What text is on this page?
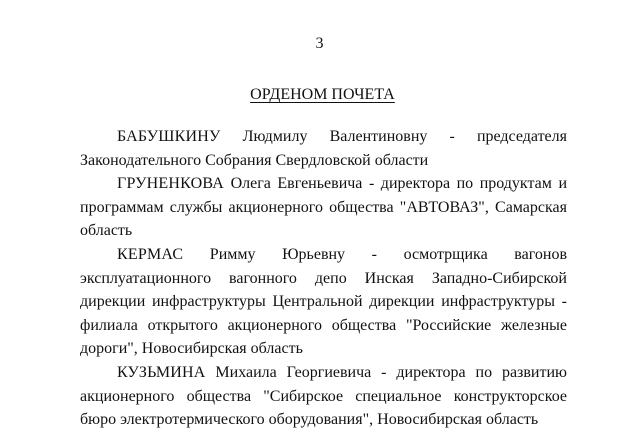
3
ОРДЕНОМ ПОЧЕТА

БАБУШКИНУ Людмилу Валентиновну - председателя Законодательного Собрания Свердловской области

ГРУНЕНКОВА Олега Евгеньевича - директора по продуктам и программам службы акционерного общества "АВТОВАЗ", Самарская область

КЕРМАС Римму Юрьевну - осмотрщика вагонов эксплуатационного вагонного депо Инская Западно-Сибирской дирекции инфраструктуры Центральной дирекции инфраструктуры - филиала открытого акционерного общества "Российские железные дороги", Новосибирская область

КУЗЬМИНА Михаила Георгиевича - директора по развитию акционерного общества "Сибирское специальное конструкторское бюро электротермического оборудования", Новосибирская область
